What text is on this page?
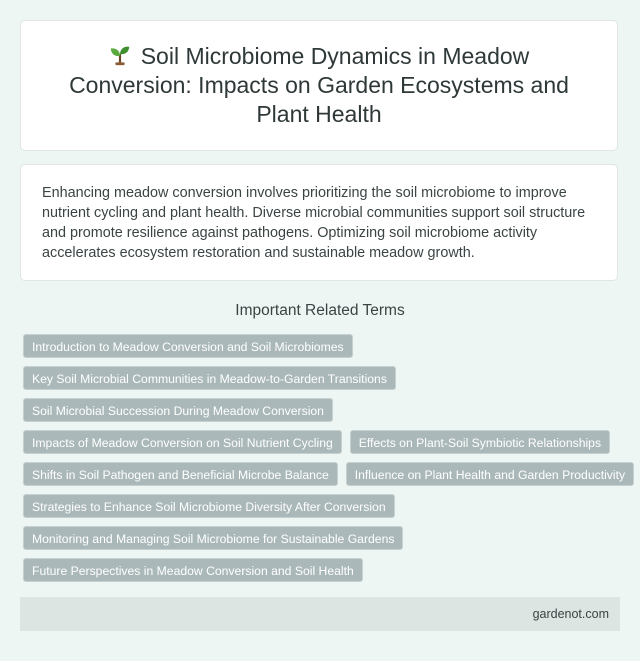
Soil Microbiome Dynamics in Meadow Conversion: Impacts on Garden Ecosystems and Plant Health

Enhancing meadow conversion involves prioritizing the soil microbiome to improve nutrient cycling and plant health. Diverse microbial communities support soil structure and promote resilience against pathogens. Optimizing soil microbiome activity accelerates ecosystem restoration and sustainable meadow growth.

Important Related Terms
Introduction to Meadow Conversion and Soil Microbiomes
Key Soil Microbial Communities in Meadow-to-Garden Transitions
Soil Microbial Succession During Meadow Conversion
Impacts of Meadow Conversion on Soil Nutrient Cycling	Effects on Plant-Soil Symbiotic Relationships
Shifts in Soil Pathogen and Beneficial Microbe Balance	Influence on Plant Health and Garden Productivity
Strategies to Enhance Soil Microbiome Diversity After Conversion
Monitoring and Managing Soil Microbiome for Sustainable Gardens
Future Perspectives in Meadow Conversion and Soil Health
gardenot.com
